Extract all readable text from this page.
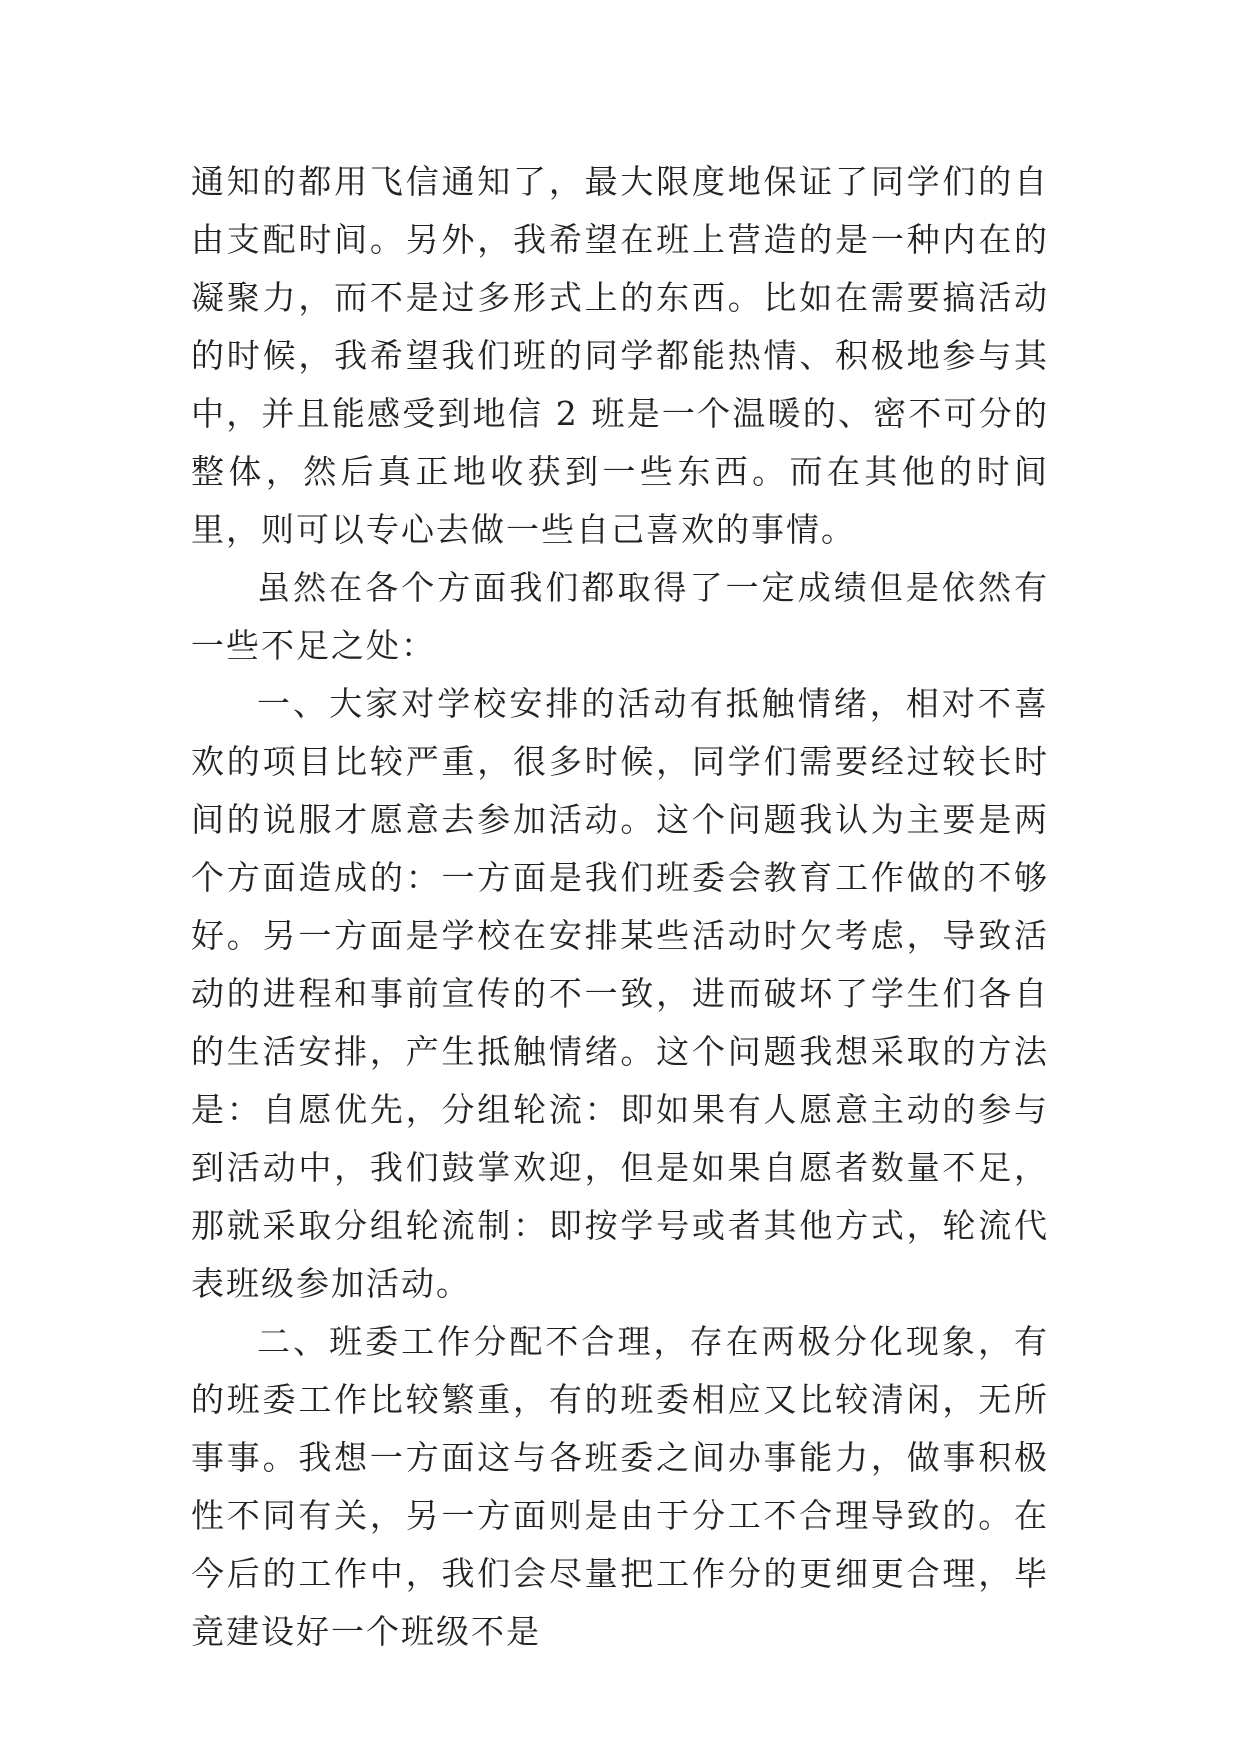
通知的都用飞信通知了，最大限度地保证了同学们的自由支配时间。另外，我希望在班上营造的是一种内在的凝聚力，而不是过多形式上的东西。比如在需要搞活动的时候，我希望我们班的同学都能热情、积极地参与其中，并且能感受到地信 2 班是一个温暖的、密不可分的整体，然后真正地收获到一些东西。而在其他的时间里，则可以专心去做一些自己喜欢的事情。

虽然在各个方面我们都取得了一定成绩但是依然有一些不足之处：

一、大家对学校安排的活动有抵触情绪，相对不喜欢的项目比较严重，很多时候，同学们需要经过较长时间的说服才愿意去参加活动。这个问题我认为主要是两个方面造成的：一方面是我们班委会教育工作做的不够好。另一方面是学校在安排某些活动时欠考虑，导致活动的进程和事前宣传的不一致，进而破坏了学生们各自的生活安排，产生抵触情绪。这个问题我想采取的方法是：自愿优先，分组轮流：即如果有人愿意主动的参与到活动中，我们鼓掌欢迎，但是如果自愿者数量不足，那就采取分组轮流制：即按学号或者其他方式，轮流代表班级参加活动。

二、班委工作分配不合理，存在两极分化现象，有的班委工作比较繁重，有的班委相应又比较清闲，无所事事。我想一方面这与各班委之间办事能力，做事积极性不同有关，另一方面则是由于分工不合理导致的。在今后的工作中，我们会尽量把工作分的更细更合理，毕竟建设好一个班级不是
